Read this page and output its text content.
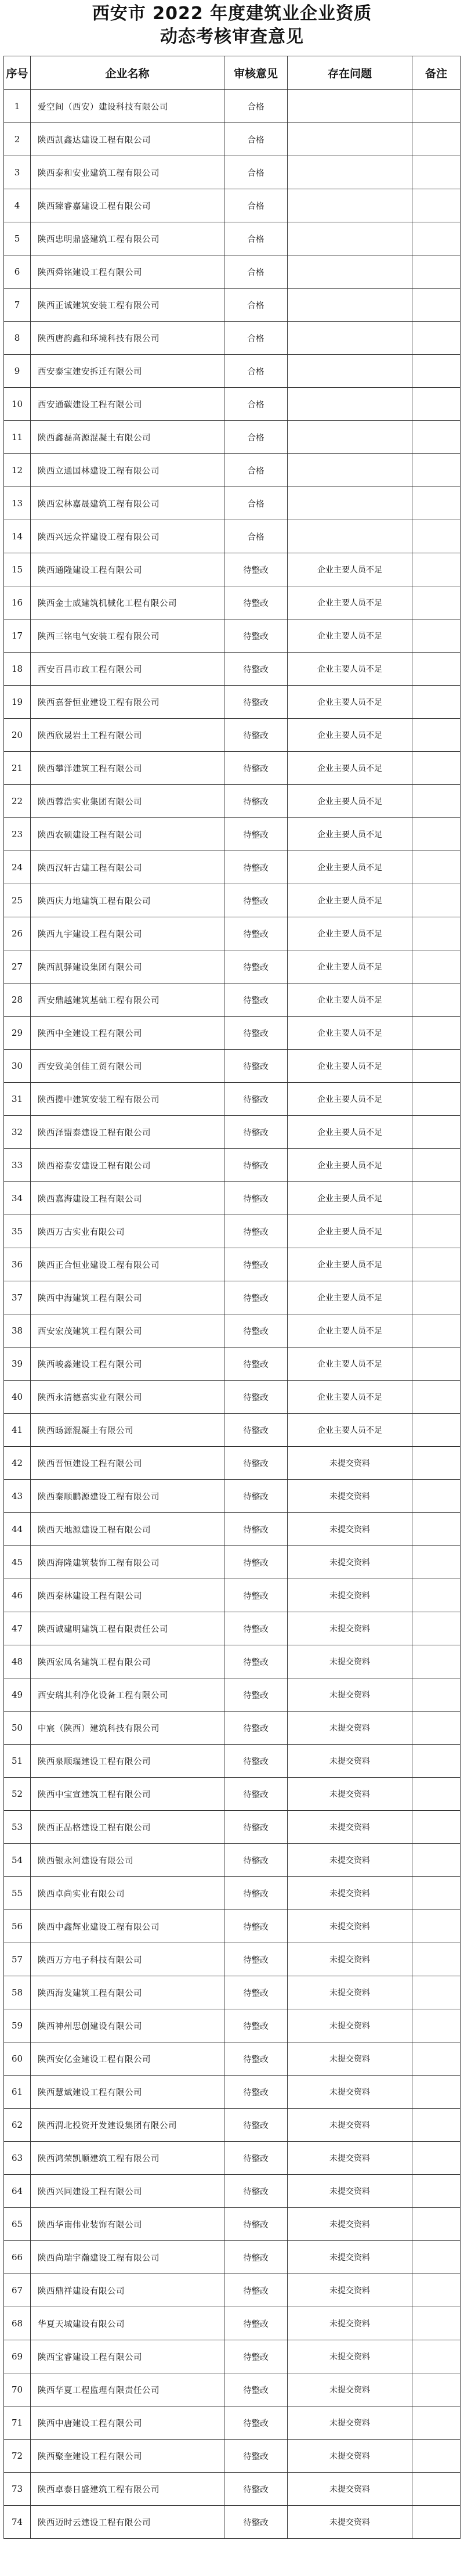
西安市 2022 年度建筑业企业资质
动态考核审查意见
序号	企业名称	审核意见	存在问题	备注
1	爱空间（西安）建设科技有限公司	合格		
2	陕西凯鑫达建设工程有限公司	合格		
3	陕西泰和安业建筑工程有限公司	合格		
4	陕西臻睿嘉建设工程有限公司	合格		
5	陕西忠明鼎盛建筑工程有限公司	合格		
6	陕西舜铭建设工程有限公司	合格		
7	陕西正诚建筑安装工程有限公司	合格		
8	陕西唐韵鑫和环境科技有限公司	合格		
9	西安泰宝建安拆迁有限公司	合格		
10	西安通碳建设工程有限公司	合格		
11	陕西鑫磊高源混凝土有限公司	合格		
12	陕西立通国林建设工程有限公司	合格		
13	陕西宏林嘉晟建筑工程有限公司	合格		
14	陕西兴远众祥建设工程有限公司	合格		
15	陕西通隆建设工程有限公司	待整改	企业主要人员不足	
16	陕西金士威建筑机械化工程有限公司	待整改	企业主要人员不足	
17	陕西三铭电气安装工程有限公司	待整改	企业主要人员不足	
18	西安百昌市政工程有限公司	待整改	企业主要人员不足	
19	陕西嘉誉恒业建设工程有限公司	待整改	企业主要人员不足	
20	陕西欣晟岩土工程有限公司	待整改	企业主要人员不足	
21	陕西攀洋建筑工程有限公司	待整改	企业主要人员不足	
22	陕西蓉浩实业集团有限公司	待整改	企业主要人员不足	
23	陕西农硕建设工程有限公司	待整改	企业主要人员不足	
24	陕西汉轩古建工程有限公司	待整改	企业主要人员不足	
25	陕西庆力地建筑工程有限公司	待整改	企业主要人员不足	
26	陕西九宇建设工程有限公司	待整改	企业主要人员不足	
27	陕西凯驿建设集团有限公司	待整改	企业主要人员不足	
28	西安鼎越建筑基础工程有限公司	待整改	企业主要人员不足	
29	陕西中全建设工程有限公司	待整改	企业主要人员不足	
30	西安致美创佳工贸有限公司	待整改	企业主要人员不足	
31	陕西揽中建筑安装工程有限公司	待整改	企业主要人员不足	
32	陕西泽盟泰建设工程有限公司	待整改	企业主要人员不足	
33	陕西裕泰安建设工程有限公司	待整改	企业主要人员不足	
34	陕西嘉海建设工程有限公司	待整改	企业主要人员不足	
35	陕西万古实业有限公司	待整改	企业主要人员不足	
36	陕西正合恒业建设工程有限公司	待整改	企业主要人员不足	
37	陕西中海建筑工程有限公司	待整改	企业主要人员不足	
38	西安宏茂建筑工程有限公司	待整改	企业主要人员不足	
39	陕西峻淼建设工程有限公司	待整改	企业主要人员不足	
40	陕西永清德嘉实业有限公司	待整改	企业主要人员不足	
41	陕西旸源混凝土有限公司	待整改	企业主要人员不足	
42	陕西晋恒建设工程有限公司	待整改	未提交资料	
43	陕西秦顺鹏源建设工程有限公司	待整改	未提交资料	
44	陕西天地源建设工程有限公司	待整改	未提交资料	
45	陕西海隆建筑装饰工程有限公司	待整改	未提交资料	
46	陕西秦林建设工程有限公司	待整改	未提交资料	
47	陕西诚建明建筑工程有限责任公司	待整改	未提交资料	
48	陕西宏凤名建筑工程有限公司	待整改	未提交资料	
49	西安瑞其利净化设备工程有限公司	待整改	未提交资料	
50	中宸（陕西）建筑科技有限公司	待整改	未提交资料	
51	陕西泉顺瑞建设工程有限公司	待整改	未提交资料	
52	陕西中宝宣建筑工程有限公司	待整改	未提交资料	
53	陕西正品格建设工程有限公司	待整改	未提交资料	
54	陕西银永河建设有限公司	待整改	未提交资料	
55	陕西卓尚实业有限公司	待整改	未提交资料	
56	陕西中鑫辉业建设工程有限公司	待整改	未提交资料	
57	陕西万方电子科技有限公司	待整改	未提交资料	
58	陕西海发建筑工程有限公司	待整改	未提交资料	
59	陕西神州思创建设有限公司	待整改	未提交资料	
60	陕西安亿金建设工程有限公司	待整改	未提交资料	
61	陕西慧斌建设工程有限公司	待整改	未提交资料	
62	陕西渭北投资开发建设集团有限公司	待整改	未提交资料	
63	陕西鸿荣凯顺建筑工程有限公司	待整改	未提交资料	
64	陕西兴同建设工程有限公司	待整改	未提交资料	
65	陕西华南伟业装饰有限公司	待整改	未提交资料	
66	陕西尚瑞宇瀚建设工程有限公司	待整改	未提交资料	
67	陕西鼎祥建设有限公司	待整改	未提交资料	
68	华夏天城建设有限公司	待整改	未提交资料	
69	陕西宝睿建设工程有限公司	待整改	未提交资料	
70	陕西华夏工程监理有限责任公司	待整改	未提交资料	
71	陕西中唐建设工程有限公司	待整改	未提交资料	
72	陕西聚奎建设工程有限公司	待整改	未提交资料	
73	陕西卓泰日盛建筑工程有限公司	待整改	未提交资料	
74	陕西迈时云建设工程有限公司	待整改	未提交资料	
